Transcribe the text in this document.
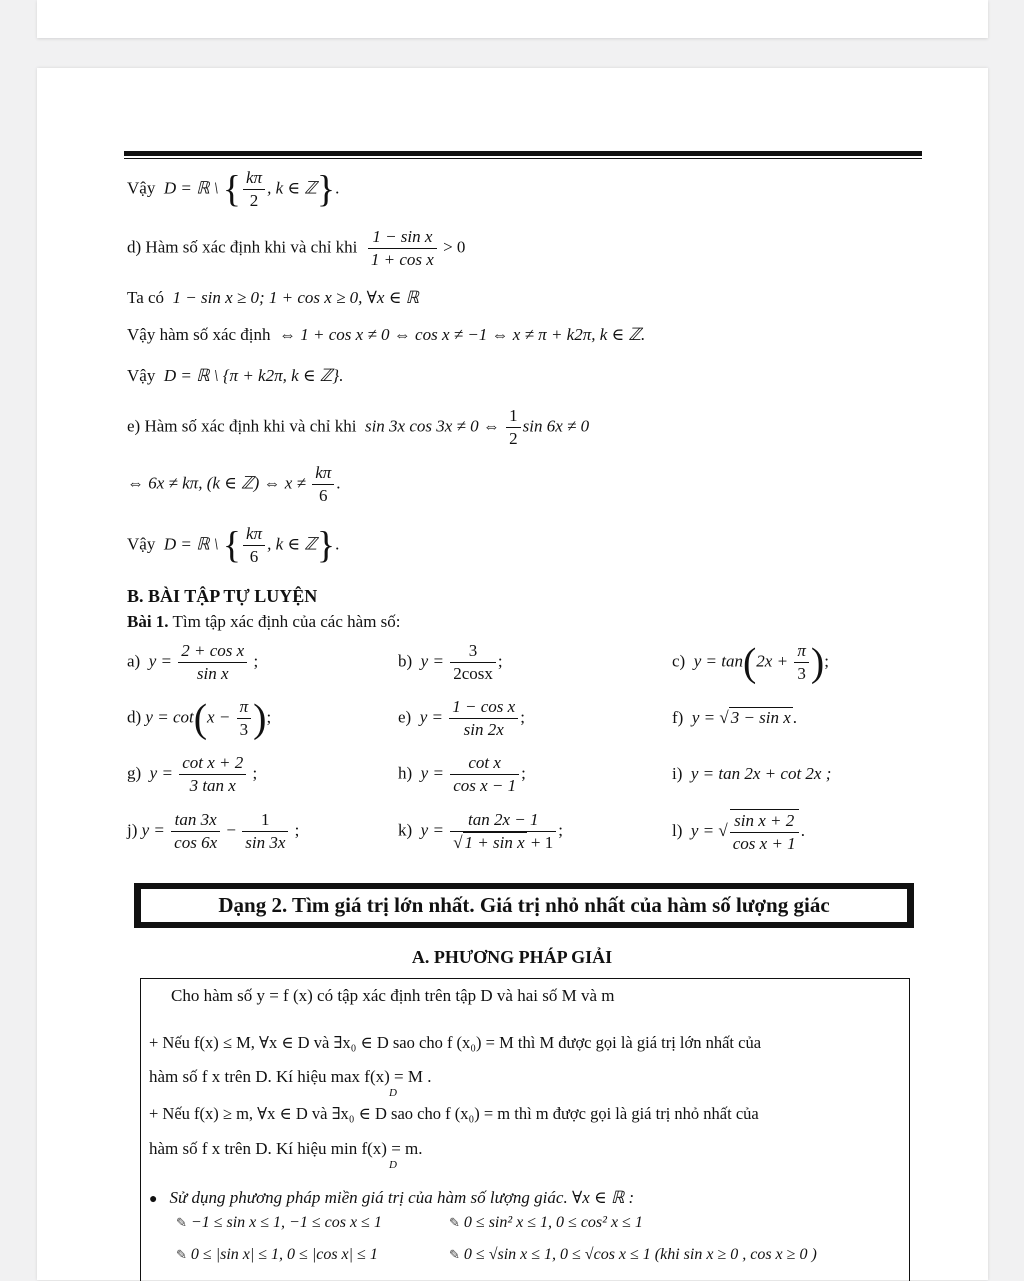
Vậy D = ℝ \ { $\frac{k\pi}{2}$ , k ∈ ℤ}.
d) Hàm số xác định khi và chỉ khi $\frac{\text{1 − sin x}}{\text{1 + cos x}} > 0$
Ta có 1 − sin x ≥ 0; 1 + cos x ≥ 0, ∀x ∈ ℝ
Vậy hàm số xác định ⇔ 1 + cos x ≠ 0 ⇔ cos x ≠ −1 ⇔ x ≠ π + k2π, k ∈ ℤ.
Vậy D = ℝ \ {π + k2π, k ∈ ℤ}.
e) Hàm số xác định khi và chỉ khi sin 3x cos 3x ≠ 0 ⇔ $\frac{1}{2}$ sin 6x ≠ 0
⇔ 6x ≠ kπ, (k ∈ ℤ) ⇔ $x \ne \frac{k\pi}{6}$ .
Vậy D = ℝ \ { $\frac{k\pi}{6}$ , k ∈ ℤ}.
B. BÀI TẬP TỰ LUYỆN
Bài 1. Tìm tập xác định của các hàm số:
a) $y = \frac{\text{2 + cos x}}{\text{sin x}}$ ;	b) $y = \frac{3}{2\cos x}$ ;	c) $y = \tan(2x + \frac{\pi}{3}$ );
d) $y = \cot(x - \frac{\pi}{3}$ );	e) $y = \frac{\text{1 − cos x}}{\sin 2x}$ ;	f) y = √ 3 − sin x .
g) $y = \frac{\text{cot x + 2}}{\text{3 tan x}}$ ;	h) $y = \frac{\text{cot x}}{\text{cos x − 1}}$ ;	i) y = tan 2x + cot 2x ;
j) $y = \frac{\tan 3x}{\cos 6x} - \frac{1}{\sin 3x}$ ;	k) $y = \frac{\tan 2x - 1}{\text{√ 1 + sin x + 1}}$ ;	l) y = √ $\frac{\text{sin x + 2}}{\text{cos x + 1}}$ .
Dạng 2. Tìm giá trị lớn nhất. Giá trị nhỏ nhất của hàm số lượng giác
A. PHƯƠNG PHÁP GIẢI
Cho hàm số y = f (x) có tập xác định trên tập D và hai số M và m
+ Nếu f(x) ≤ M, ∀x ∈ D và ∃x₀ ∈ D sao cho f (x₀) = M thì M được gọi là giá trị lớn nhất của
hàm số f x trên D. Kí hiệu max f(x) = M .
D
+ Nếu f(x) ≥ m, ∀x ∈ D và ∃x₀ ∈ D sao cho f (x₀) = m thì m được gọi là giá trị nhỏ nhất của
hàm số f x trên D. Kí hiệu min f(x) = m.
D
● Sử dụng phương pháp miền giá trị của hàm số lượng giác. ∀x ∈ ℝ :
✎ −1 ≤ sin x ≤ 1, −1 ≤ cos x ≤ 1	✎ 0 ≤ sin² x ≤ 1, 0 ≤ cos² x ≤ 1
✎ 0 ≤ |sin x| ≤ 1, 0 ≤ |cos x| ≤ 1	✎ 0 ≤ √sin x ≤ 1, 0 ≤ √cos x ≤ 1 (khi sin x ≥ 0 , cos x ≥ 0 )
